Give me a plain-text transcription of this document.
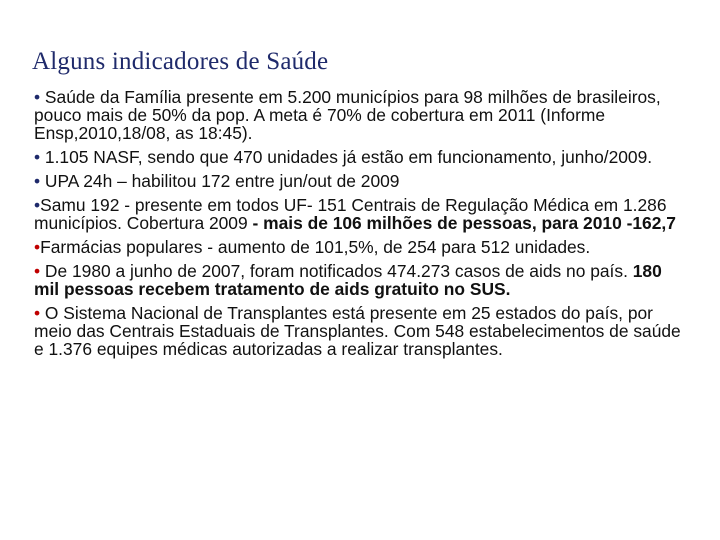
Alguns indicadores de Saúde
• Saúde da Família presente em 5.200 municípios para 98 milhões de brasileiros, pouco mais de 50% da pop. A meta é 70% de cobertura em 2011 (Informe Ensp,2010,18/08, as 18:45).
• 1.105 NASF, sendo que 470 unidades já estão em funcionamento, junho/2009.
• UPA 24h – habilitou 172 entre jun/out de 2009
•Samu 192 - presente em todos UF- 151 Centrais de Regulação Médica em 1.286 municípios. Cobertura 2009 - mais de 106 milhões de pessoas, para 2010 -162,7
•Farmácias populares - aumento de 101,5%, de 254 para 512 unidades.
• De 1980 a junho de 2007, foram notificados 474.273 casos de aids no país. 180 mil pessoas recebem tratamento de aids gratuito no SUS.
• O Sistema Nacional de Transplantes está presente em 25 estados do país, por meio das Centrais Estaduais de Transplantes. Com 548 estabelecimentos de saúde e 1.376 equipes médicas autorizadas a realizar transplantes.
